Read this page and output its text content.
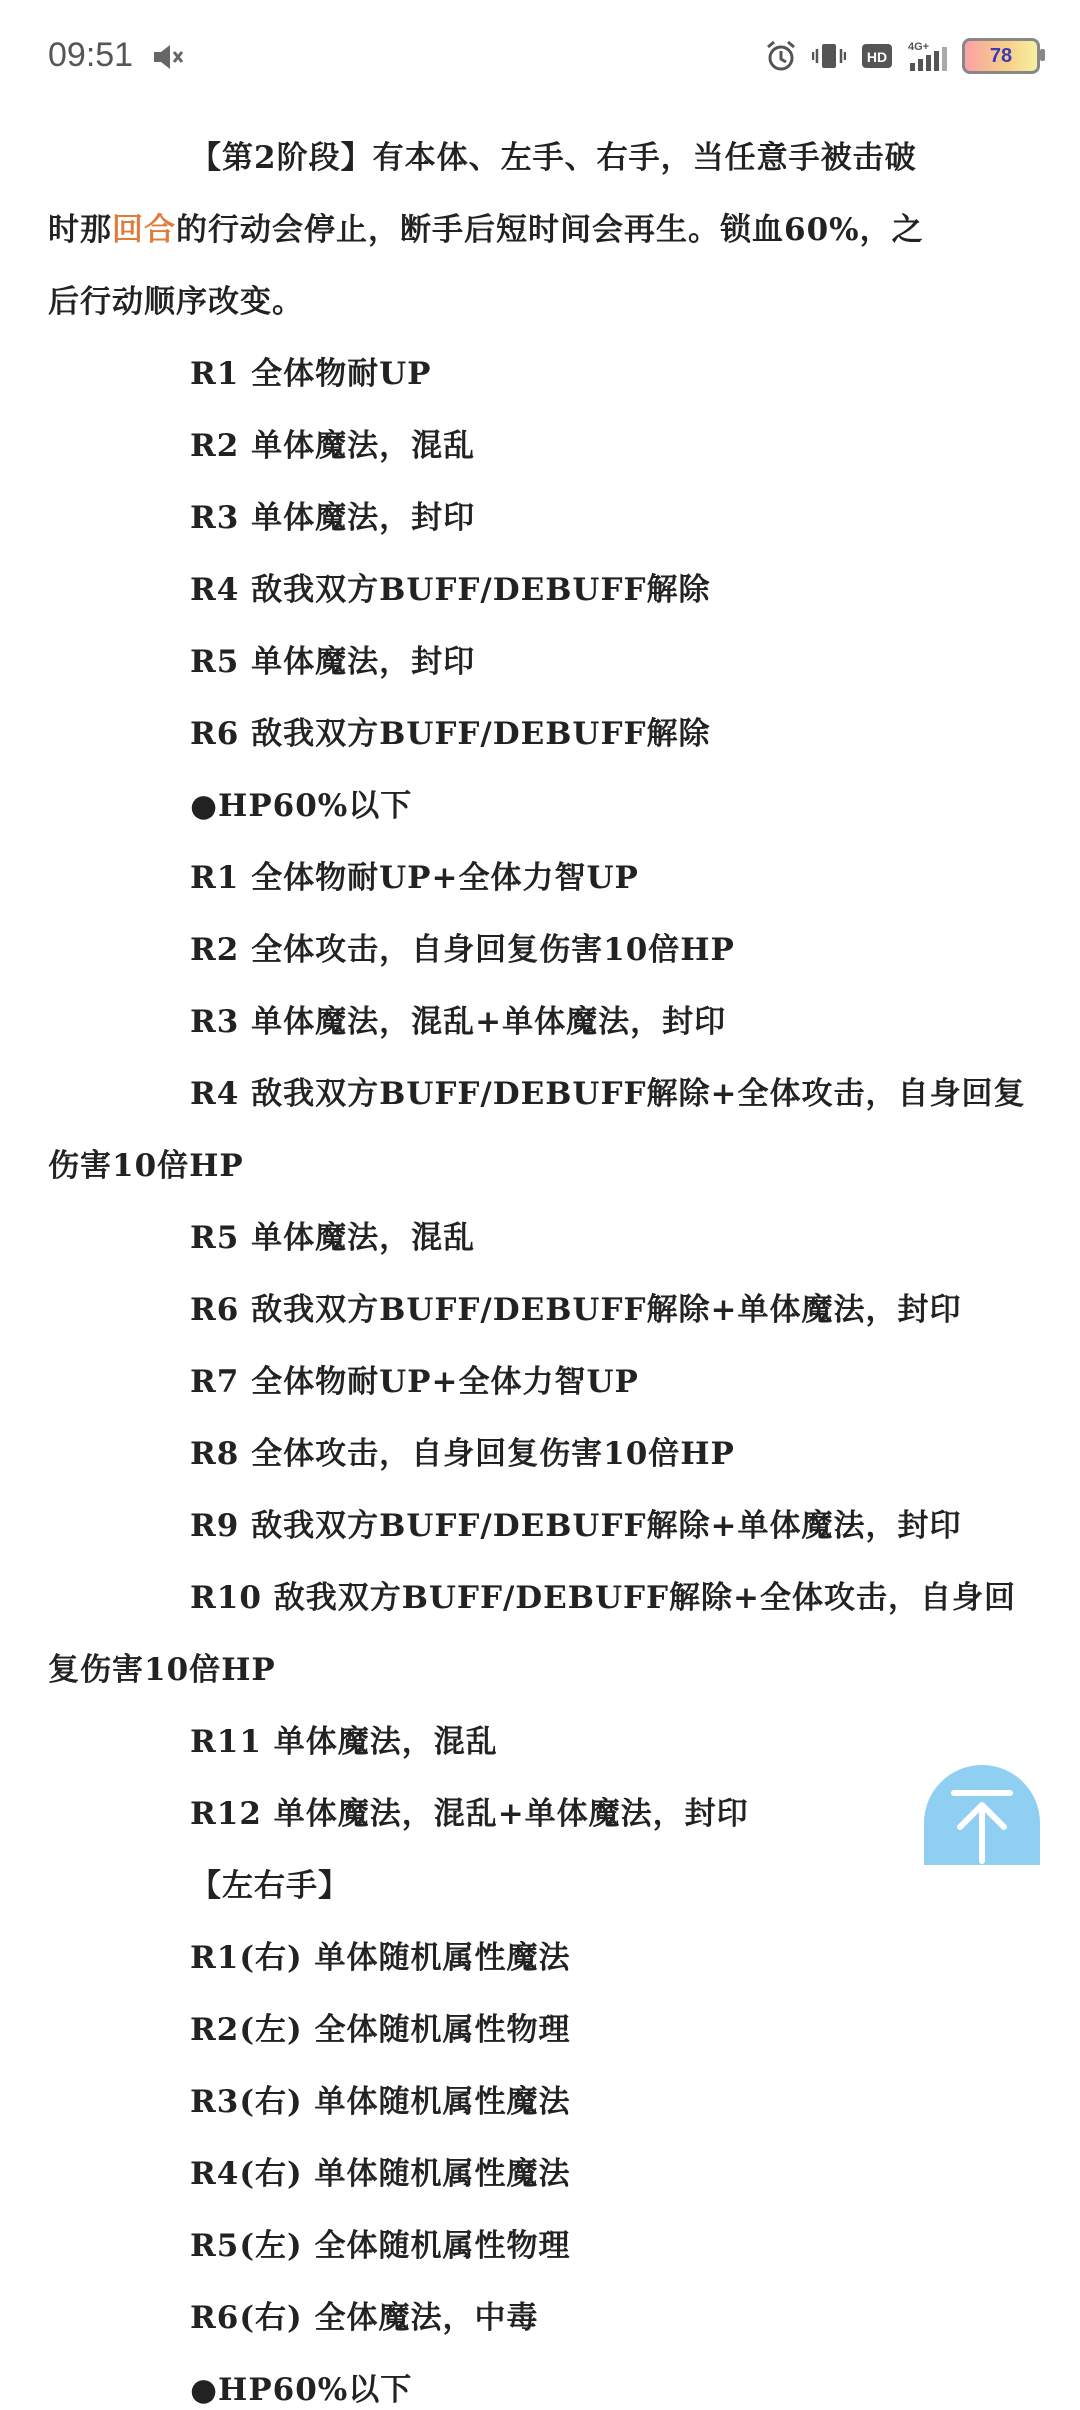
09:51	HD
4G+	78
【第2阶段】有本体、左手、右手，当任意手被击破
时那回合的行动会停止，断手后短时间会再生。锁血60%，之
后行动顺序改变。
R1 全体物耐UP
R2 单体魔法，混乱
R3 单体魔法，封印
R4 敌我双方BUFF/DEBUFF解除
R5 单体魔法，封印
R6 敌我双方BUFF/DEBUFF解除
●HP60%以下
R1 全体物耐UP+全体力智UP
R2 全体攻击，自身回复伤害10倍HP
R3 单体魔法，混乱+单体魔法，封印
R4 敌我双方BUFF/DEBUFF解除+全体攻击，自身回复
伤害10倍HP
R5 单体魔法，混乱
R6 敌我双方BUFF/DEBUFF解除+单体魔法，封印
R7 全体物耐UP+全体力智UP
R8 全体攻击，自身回复伤害10倍HP
R9 敌我双方BUFF/DEBUFF解除+单体魔法，封印
R10 敌我双方BUFF/DEBUFF解除+全体攻击，自身回
复伤害10倍HP
R11 单体魔法，混乱
R12 单体魔法，混乱+单体魔法，封印
【左右手】
R1(右) 单体随机属性魔法
R2(左) 全体随机属性物理
R3(右) 单体随机属性魔法
R4(右) 单体随机属性魔法
R5(左) 全体随机属性物理
R6(右) 全体魔法，中毒
●HP60%以下
